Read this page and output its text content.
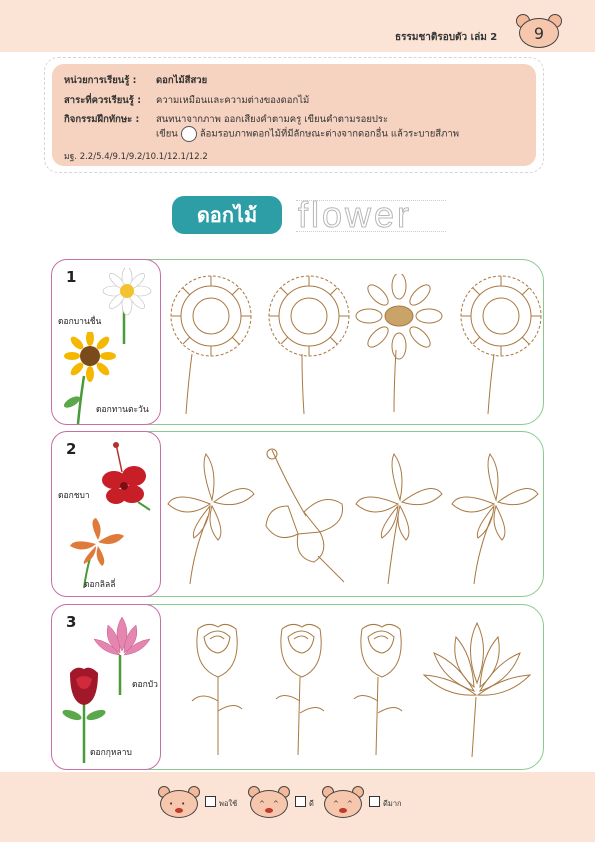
ธรรมชาติรอบตัว เล่ม 2	9
หน่วยการเรียนรู้ : ดอกไม้สีสวย
สาระที่ควรเรียนรู้ : ความเหมือนและความต่างของดอกไม้
กิจกรรมฝึกทักษะ : สนทนาจากภาพ ออกเสียงคำตามครู เขียนคำตามรอยประ
เขียน ล้อมรอบภาพดอกไม้ที่มีลักษณะต่างจากดอกอื่น แล้วระบายสีภาพ
มฐ. 2.2/5.4/9.1/9.2/10.1/12.1/12.2
ดอกไม้	flower
1
ดอกบานชื่น
ดอกทานตะวัน
2
ดอกชบา
ดอกลิลลี่
3
ดอกบัว
ดอกกุหลาบ
••	พอใช้	^^	ดี	^^	ดีมาก
